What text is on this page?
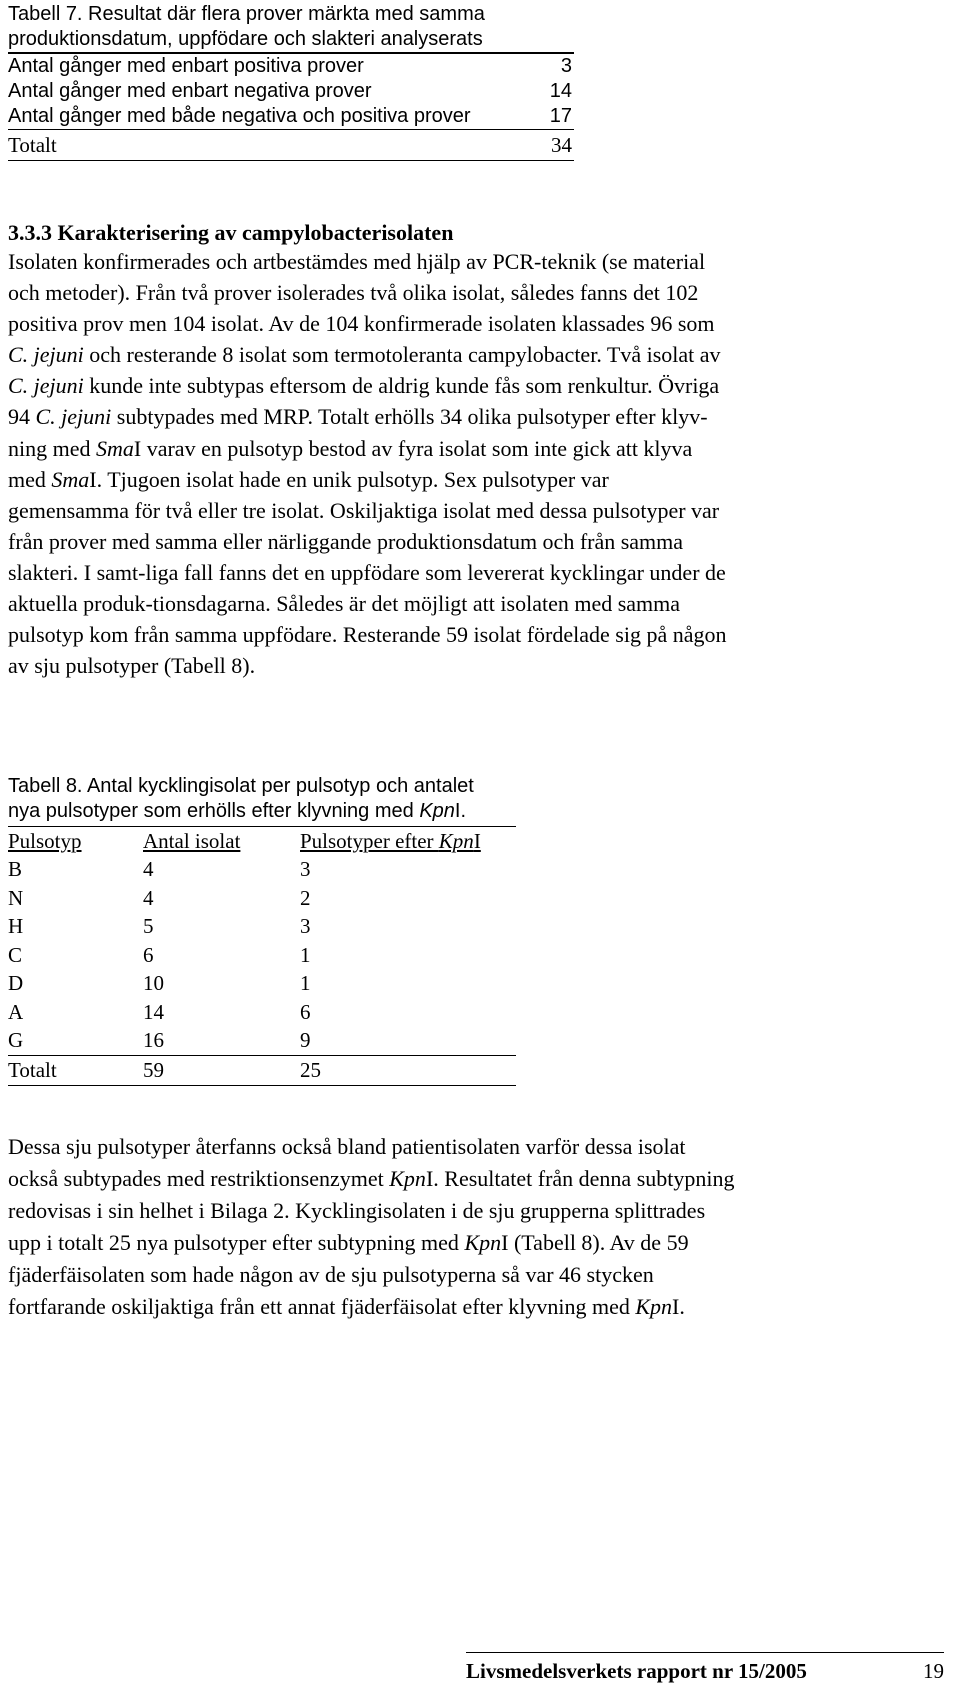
Tabell 7. Resultat där flera prover märkta med samma
produktionsdatum, uppfödare och slakteri analyserats
Antal gånger med enbart positiva prover	3
Antal gånger med enbart negativa prover	14
Antal gånger med både negativa och positiva prover	17
Totalt	34
3.3.3 Karakterisering av campylobacterisolaten
Isolaten konfirmerades och artbestämdes med hjälp av PCR-teknik (se material
och metoder). Från två prover isolerades två olika isolat, således fanns det 102
positiva prov men 104 isolat. Av de 104 konfirmerade isolaten klassades 96 som
C. jejuni och resterande 8 isolat som termotoleranta campylobacter. Två isolat av
C. jejuni kunde inte subtypas eftersom de aldrig kunde fås som renkultur. Övriga
94 C. jejuni subtypades med MRP. Totalt erhölls 34 olika pulsotyper efter klyv-
ning med SmaI varav en pulsotyp bestod av fyra isolat som inte gick att klyva
med SmaI. Tjugoen isolat hade en unik pulsotyp. Sex pulsotyper var
gemensamma för två eller tre isolat. Oskiljaktiga isolat med dessa pulsotyper var
från prover med samma eller närliggande produktionsdatum och från samma
slakteri. I samt-liga fall fanns det en uppfödare som levererat kycklingar under de
aktuella produk-tionsdagarna. Således är det möjligt att isolaten med samma
pulsotyp kom från samma uppfödare. Resterande 59 isolat fördelade sig på någon
av sju pulsotyper (Tabell 8).
Tabell 8. Antal kycklingisolat per pulsotyp och antalet
nya pulsotyper som erhölls efter klyvning med KpnI.
Pulsotyp	Antal isolat	Pulsotyper efter KpnI
B	4	3
N	4	2
H	5	3
C	6	1
D	10	1
A	14	6
G	16	9
Totalt	59	25
Dessa sju pulsotyper återfanns också bland patientisolaten varför dessa isolat
också subtypades med restriktionsenzymet KpnI. Resultatet från denna subtypning
redovisas i sin helhet i Bilaga 2. Kycklingisolaten i de sju grupperna splittrades
upp i totalt 25 nya pulsotyper efter subtypning med KpnI (Tabell 8). Av de 59
fjäderfäisolaten som hade någon av de sju pulsotyperna så var 46 stycken
fortfarande oskiljaktiga från ett annat fjäderfäisolat efter klyvning med KpnI.
Livsmedelsverkets rapport nr 15/2005	19
